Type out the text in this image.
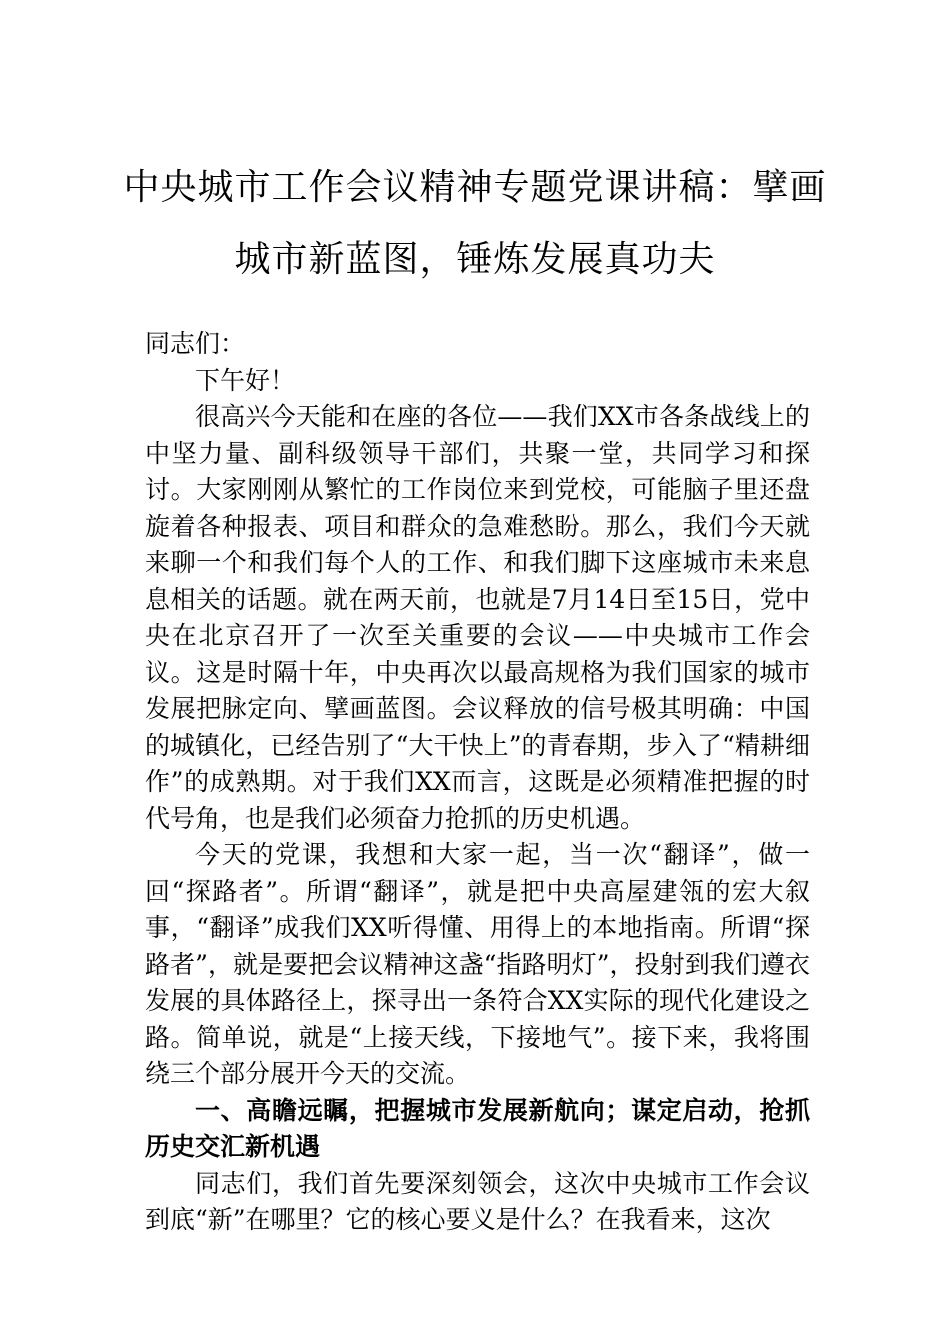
中央城市工作会议精神专题党课讲稿：擘画城市新蓝图，锤炼发展真功夫

同志们：

下午好！

很高兴今天能和在座的各位——我们XX市各条战线上的中坚力量、副科级领导干部们，共聚一堂，共同学习和探讨。大家刚刚从繁忙的工作岗位来到党校，可能脑子里还盘旋着各种报表、项目和群众的急难愁盼。那么，我们今天就来聊一个和我们每个人的工作、和我们脚下这座城市未来息息相关的话题。就在两天前，也就是7月14日至15日，党中央在北京召开了一次至关重要的会议——中央城市工作会议。这是时隔十年，中央再次以最高规格为我们国家的城市发展把脉定向、擘画蓝图。会议释放的信号极其明确：中国的城镇化，已经告别了“大干快上”的青春期，步入了“精耕细作”的成熟期。对于我们XX而言，这既是必须精准把握的时代号角，也是我们必须奋力抢抓的历史机遇。

今天的党课，我想和大家一起，当一次“翻译”，做一回“探路者”。所谓“翻译”，就是把中央高屋建瓴的宏大叙事，“翻译”成我们XX听得懂、用得上的本地指南。所谓“探路者”，就是要把会议精神这盏“指路明灯”，投射到我们遵衣发展的具体路径上，探寻出一条符合XX实际的现代化建设之路。简单说，就是“上接天线，下接地气”。接下来，我将围绕三个部分展开今天的交流。

一、高瞻远瞩，把握城市发展新航向；谋定启动，抢抓历史交汇新机遇

同志们，我们首先要深刻领会，这次中央城市工作会议到底“新”在哪里？它的核心要义是什么？在我看来，这次
